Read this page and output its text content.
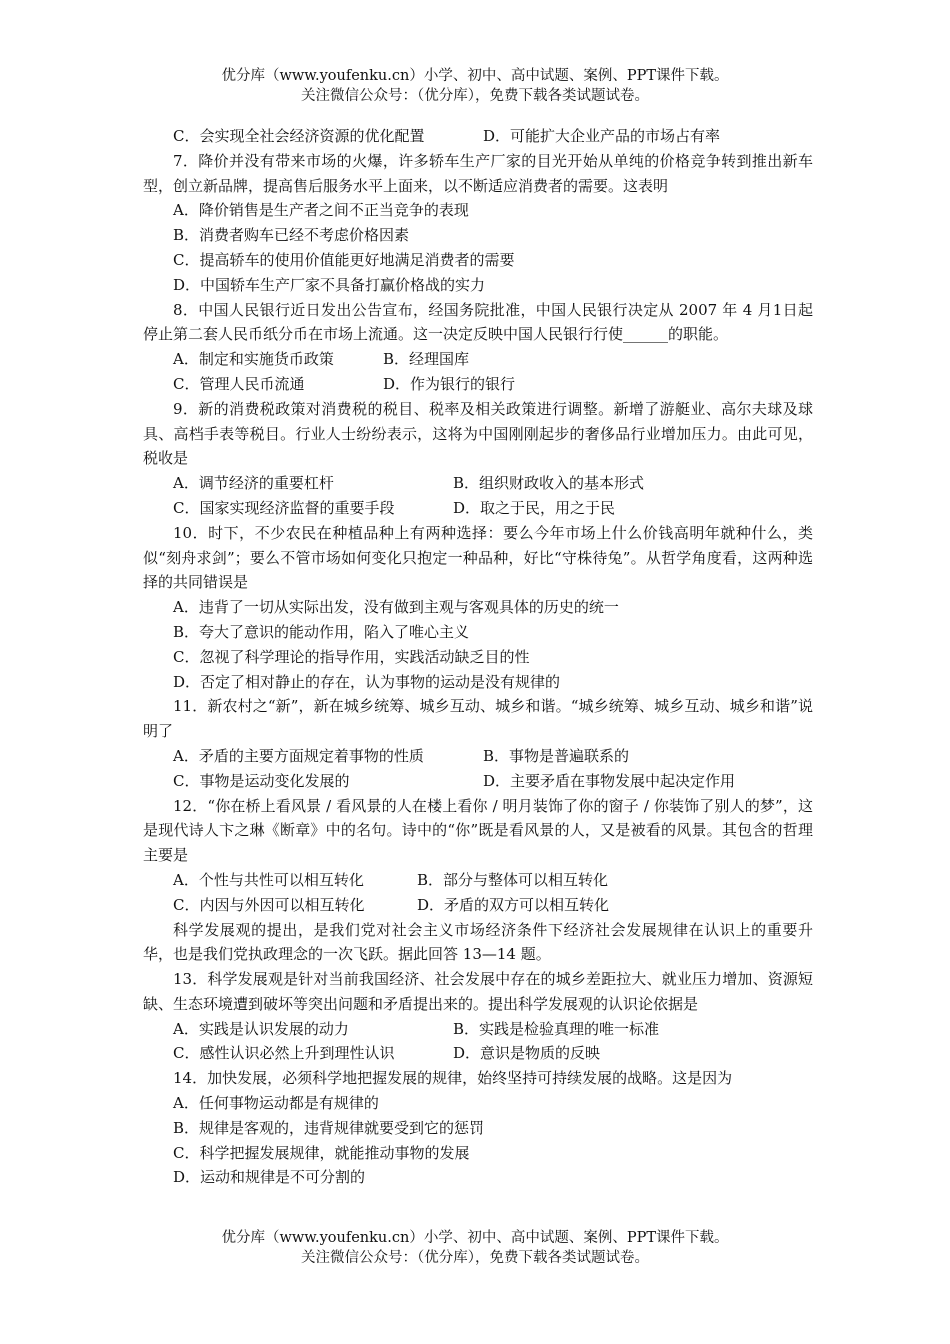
优分库（www.youfenku.cn）小学、初中、高中试题、案例、PPT课件下载。
关注微信公众号：（优分库），免费下载各类试题试卷。

C．会实现全社会经济资源的优化配置	D．可能扩大企业产品的市场占有率

7．降价并没有带来市场的火爆，许多轿车生产厂家的目光开始从单纯的价格竞争转到推出新车型，创立新品牌，提高售后服务水平上面来，以不断适应消费者的需要。这表明

A．降价销售是生产者之间不正当竞争的表现

B．消费者购车已经不考虑价格因素

C．提高轿车的使用价值能更好地满足消费者的需要

D．中国轿车生产厂家不具备打赢价格战的实力

8．中国人民银行近日发出公告宣布，经国务院批准，中国人民银行决定从 2007 年 4 月1日起停止第二套人民币纸分币在市场上流通。这一决定反映中国人民银行行使______的职能。

A．制定和实施货币政策	B．经理国库

C．管理人民币流通	D．作为银行的银行

9．新的消费税政策对消费税的税目、税率及相关政策进行调整。新增了游艇业、高尔夫球及球具、高档手表等税目。行业人士纷纷表示，这将为中国刚刚起步的奢侈品行业增加压力。由此可见，税收是

A．调节经济的重要杠杆	B．组织财政收入的基本形式

C．国家实现经济监督的重要手段	D．取之于民，用之于民

10．时下，不少农民在种植品种上有两种选择：要么今年市场上什么价钱高明年就种什么，类似“刻舟求剑”；要么不管市场如何变化只抱定一种品种，好比“守株待兔”。从哲学角度看，这两种选择的共同错误是

A．违背了一切从实际出发，没有做到主观与客观具体的历史的统一

B．夸大了意识的能动作用，陷入了唯心主义

C．忽视了科学理论的指导作用，实践活动缺乏目的性

D．否定了相对静止的存在，认为事物的运动是没有规律的

11．新农村之“新”，新在城乡统筹、城乡互动、城乡和谐。“城乡统筹、城乡互动、城乡和谐”说明了

A．矛盾的主要方面规定着事物的性质	B．事物是普遍联系的

C．事物是运动变化发展的	D．主要矛盾在事物发展中起决定作用

12．“你在桥上看风景 / 看风景的人在楼上看你 / 明月装饰了你的窗子 / 你装饰了别人的梦”，这是现代诗人卞之琳《断章》中的名句。诗中的“你”既是看风景的人，又是被看的风景。其包含的哲理主要是

A．个性与共性可以相互转化	B．部分与整体可以相互转化

C．内因与外因可以相互转化	D．矛盾的双方可以相互转化

科学发展观的提出，是我们党对社会主义市场经济条件下经济社会发展规律在认识上的重要升华，也是我们党执政理念的一次飞跃。据此回答 13—14 题。

13．科学发展观是针对当前我国经济、社会发展中存在的城乡差距拉大、就业压力增加、资源短缺、生态环境遭到破坏等突出问题和矛盾提出来的。提出科学发展观的认识论依据是

A．实践是认识发展的动力	B．实践是检验真理的唯一标准

C．感性认识必然上升到理性认识	D．意识是物质的反映

14．加快发展，必须科学地把握发展的规律，始终坚持可持续发展的战略。这是因为

A．任何事物运动都是有规律的

B．规律是客观的，违背规律就要受到它的惩罚

C．科学把握发展规律，就能推动事物的发展

D．运动和规律是不可分割的

优分库（www.youfenku.cn）小学、初中、高中试题、案例、PPT课件下载。
关注微信公众号：（优分库），免费下载各类试题试卷。
